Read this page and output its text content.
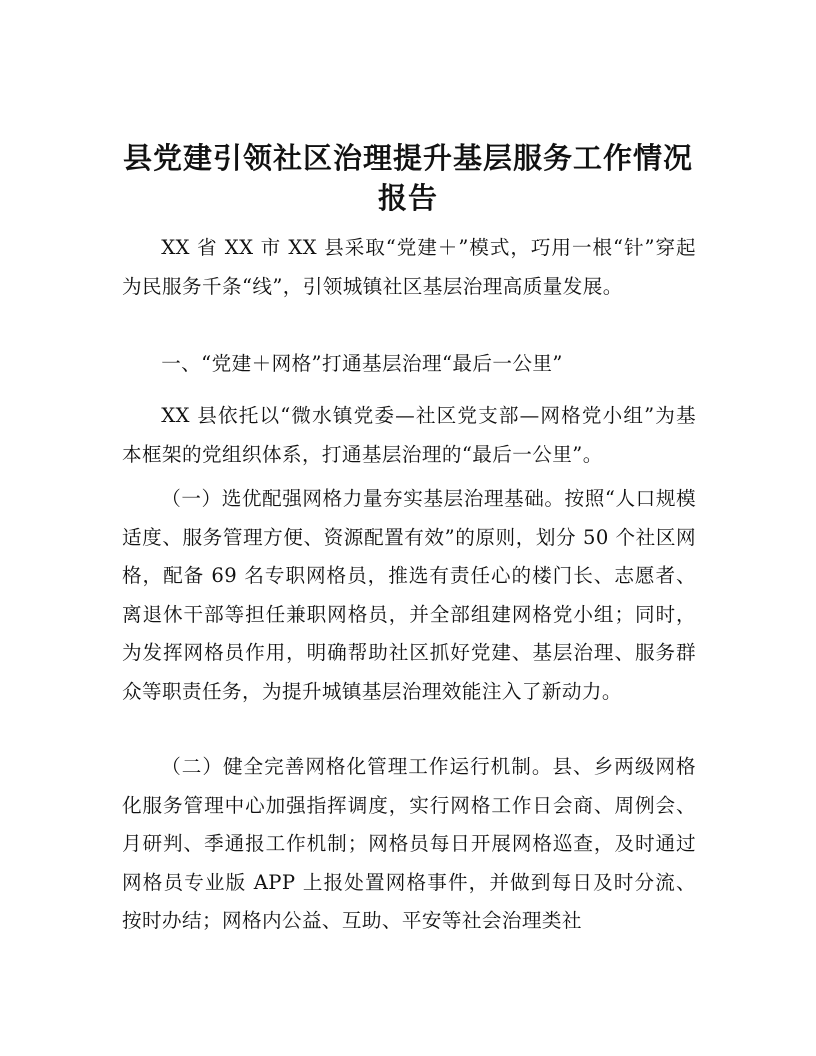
县党建引领社区治理提升基层服务工作情况报告

XX 省 XX 市 XX 县采取“党建＋”模式，巧用一根“针”穿起为民服务千条“线”，引领城镇社区基层治理高质量发展。

一、“党建＋网格”打通基层治理“最后一公里”

XX 县依托以“微水镇党委—社区党支部—网格党小组”为基本框架的党组织体系，打通基层治理的“最后一公里”。

（一）选优配强网格力量夯实基层治理基础。按照“人口规模适度、服务管理方便、资源配置有效”的原则，划分 50 个社区网格，配备 69 名专职网格员，推选有责任心的楼门长、志愿者、离退休干部等担任兼职网格员，并全部组建网格党小组；同时，为发挥网格员作用，明确帮助社区抓好党建、基层治理、服务群众等职责任务，为提升城镇基层治理效能注入了新动力。

（二）健全完善网格化管理工作运行机制。县、乡两级网格化服务管理中心加强指挥调度，实行网格工作日会商、周例会、月研判、季通报工作机制；网格员每日开展网格巡查，及时通过网格员专业版 APP 上报处置网格事件，并做到每日及时分流、按时办结；网格内公益、互助、平安等社会治理类社
